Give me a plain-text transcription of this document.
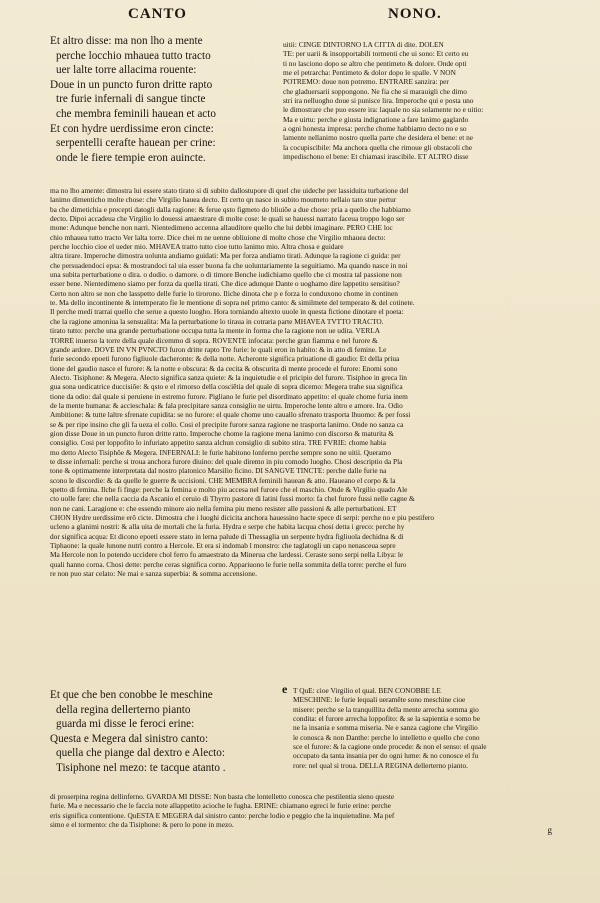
CANTO	NONO.
Et altro disse: ma non lho a mente
perche locchio mhauea tutto tracto
uer lalte torre allacima rouente:
Doue in un puncto furon dritte rapto
tre furie infernali di sangue tincte
che membra feminili hauean et acto
Et con hydre uerdissime eron cincte:
serpentelli cerafte hauean per crine:
onde le fiere tempie eron auincte.
uitii: CINGE DINTORNO LA CITTA di dite. DOLEN
TE: per uarii & insopportabili tormenti che ui sono: Et certo eu
ti no lasciono dopo se altro che pentimeto & dolore. Onde opti
me el petrarcha: Pentimeto & dolor dopo le spalle. V NON
POTREMO: doue non potremo. ENTRARE sanzira: per
che gladuersarii soppongono. Ne fia che si marauigli che dimo
stri ira nelluogho doue si punisce lira. Imperoche qui e posta uno
le dimostrare che puo essere ira: laquale no sia solamente no e uitio:
Ma e uirtu: perche e giusta indignatione a fare lanimo gaglardo
a ogni honesta impresa: perche chome habbiamo decto no e so
lamente nellanimo nostro quella parte che desidera el bene: et ne
la cocupiscibile: Ma anchora quella che rimoue gli obstacoli che
impedischono el bene: Et chiamasi irascibile. ET ALTRO disse
ma no lho amente: dimostra lui essere stato tirato si di subito dallostupore di quel che uideche per lassiduita turbatione del
lanimo dimenticho molte chose: che Virgilio hauea decto. Et certo qn nasce in subito moumeto nellaio tato stue pertur
ba che dimetichia e precepti datogli dalla ragione: & ferue qsto figmeto do bliuiõe a due chose: pria a quello che habbiamo
decto. Dipoi accadeua che Virgilio lo douessi amaestrare di molte cose: le quali se hauessi narrato faceua troppo logo ser
mone: Adunque benche non narri. Nientedimeno accenna allauditore quello che lui debbi imaginare. PERO CHE loc
chio mhauea tutto tracto Ver lalta torre. Dice chei m ne uenne obliuione di molte chose che Virgilio mhauea decto:
perche locchio cioe el ueder mio. MHAVEA tratto tutto cioe tutto lanimo mio. Altra chosa e guidare
altra tirare. Imperoche dimostra uolunta andiamo guidati: Ma per forza andiamo tirati. Adunque la ragione ci guida: per
che persuadendoci epsa: & mostrandoci tal uia esser buona fa che uoluntariamente la seguitiamo. Ma quando nasce in noi
una subita perturbatione o dira. o dodio. o damore. o di timore Benche iudichiamo quello che ci mostra tal passione non
esser bene. Nientedimeno siamo per forza da quella tirati. Che dice adunque Dante o uoghamo dire lappetito sensitiuo?
Certo non altro se non che lasspetto delle furie lo tirorono. Iliche dinota che p e forza lo conduxono chome in continen
te. Ma dello incontinente & intemperato fie le mentione di sopra nel primo canto: & similmete del temperato & del cotinete.
Il perche medi trarrai quello che serue a questo luogho. Hora torniando altexto uuole in questa fictione dinotare el poeta:
che la ragione amoniua la sensualita: Ma la perturbatione lo tiraua in cotraria parte MHAVEA TVTTO TRACTO.
tirato tutto: perche una grande perturbatione occupa tutta la mente in forma che la ragione non ue udita. VERLA
TORRE inuerso la torre della quale dicemmo di sopra. ROVENTE infocata: perche gran fiamma e nel furore &
grande ardore. DOVE IN VN PVNCTO furon dritte rapto Tre furie: le quali eron in habito: & in atto di femine. Le
furie secondo epoeti furono figliuole dacheronte: & della notte. Acheronte significa priuatione di gaudio: Et della priua
tione del gaudio nasce el furore: & la notte e obscura: & da cecita & obscurita di mente procede el furore: Enomi sono
Alecto. Tisiphone: & Megera. Alecto significa sanza quiete: & la inquietudie e el pricipio del furore. Tisiphoe in greca lin
gua sona uedicatrice duccisiõe: & qsto e el rimorso della cosciētia del quale di sopra dicemo: Megera trahe sua significa
tione da odio: dal quale si peruiene in estremo furore. Pigliano le furie pel disordinato appetito: el quale chome furia inem
de la mente humana: & accieschala: & fala precipitare sanza consiglio ne uirtu. Imperoche lente altro e amore. Ira. Odio
Ambitione: & tutte laltre sfrenate cupidita: se no furore: el quale chome uno cauallo sfrenato trasporta lhuomo: & per fossi
se & per ripe insino che gli fa ueza el collo. Cosi el precipite furore sanza ragione ne trasporta lanimo. Onde no sanza ca
gion disse Doue in un puncto furon dritte ratto. Imperoche chome la ragione mena lanimo con discorso & maturita &
consiglio. Cosi per loppofito lo infuriato appetito sanza alchun consiglio di subito stira. TRE FVRIE: chome habia
mo detto Alecto Tisiphõe & Megera. INFERNALI: le furie habitono lonferno perche sempre sono ne uitii. Queramo
te disse infernali: perche si troua anchora furore diuino: del quale diremo in piu comodo luogho. Chosi descriptio da Pla
tone & optimamente interpretata dal nostro platonico Marsilio ficino. DI SANGVE TINCTE: perche dalle furie na
scono le discordie: & da quelle le guerre & uccisioni. CHE MEMBRA feminili hauean & atto. Haueano el corpo & la
spetto di femina. Ilche fi finge: perche la femina e molto piu accesa nel furore che el maschio. Onde & Virgilio quado Ale
cto uolle fare: che nella caccia da Ascanio el ceruio di Thyrro pastore di latini fussi morto: fa chel furore fussi nelle cagne &
non ne cani. Laragione e: che essendo minore aio nella femina piu meno resister alle passioni & alle perturbationi. ET
CHON Hydre uerdissime erõ cicte. Dimostra che i luoghi dicicita anchora hauessino hacte spece di serpi: perche no e piu pestifero
ucleno a glanimi nostri: & alla uita de mortali che la furia. Hydra e serpe che habita lacqua chosi detta i greco: perche hy
dor significa acqua: Et dicono epoeti essere stato in lerna palude di Thessaglia un serpente hydra figliuola dechidna & di
Tiphaone: la quale lunone nutri contro a Hercole. Et era si indomab l monstro: che taglatogli un capo nenasceua sepre
Ma Hercole non lo potendo uccidere chol ferro fu amaestrato da Minerua che lardessi. Ceraste sono serpi nella Libya: le
quali hanno corna. Chosi dette: perche ceras significa corno. Appariuono le furie nella sommita della torre: perche el furo
re non puo star celato: Ne mai e sanza superbia: & somma accensione.
Et que che ben conobbe le meschine
della regina dellerterno pianto
guarda mi disse le feroci erine:
Questa e Megera dal sinistro canto:
quella che piange dal dextro e Alecto:
Tisiphone nel mezo: te tacque atanto .
e T QuE: cioe Virgilio el qual. BEN CONOBBE LE
MESCHINE: le furie lequali ueramēte sono meschine cioe
misere: perche se la tranquillita della mente arrecha somma gio
condita: el furore arrecha loppofito: & se la sapientia e somo be
ne la insania e somma miseria. Ne e sanza cagione che Virgilio
le conosca & non Danthe: perche lo intelletto e quello che cono
sce el furore: & la cagione onde procede: & non el senso: el quale
occupato da tanta insania per do ogni lume: & no conosce el fu
rore: nel qual si troua. DELLA REGINA dellerterno pianto.
di proserpina regina dellinferno. GVARDA MI DISSE: Non basta che lontelletto conosca che pestilentia sieno queste
furie. Ma e necessario che le faccia note allappetito acioche le fugha. ERINE: chiamano egreci le furie erine: perche
eris significa contentione. QuESTA E MEGERA dal sinistro canto: perche lodio e peggio che la inquietudine. Ma pef
simo e el tormento: che da Tisiphone: & pero lo pone in mezo.
g
